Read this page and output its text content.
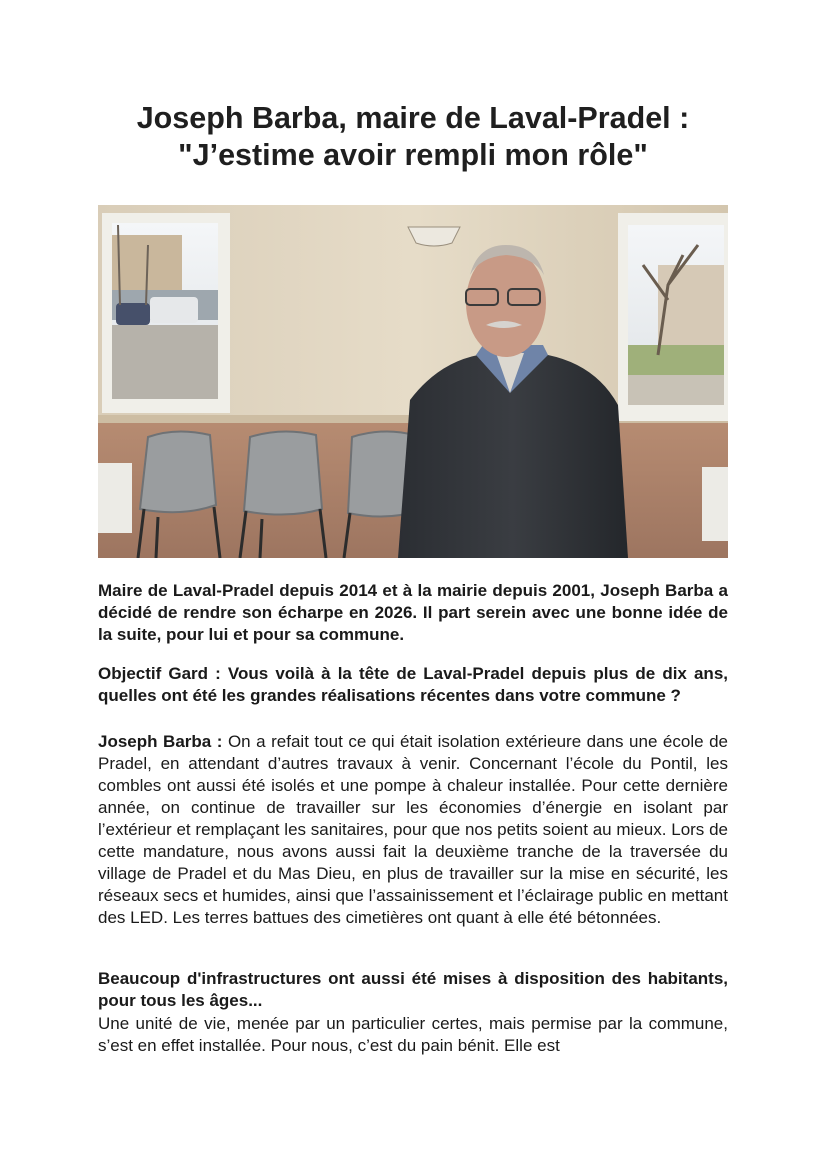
Joseph Barba, maire de Laval-Pradel :
"J’estime avoir rempli mon rôle"

Maire de Laval-Pradel depuis 2014 et à la mairie depuis 2001, Joseph Barba a décidé de rendre son écharpe en 2026. Il part serein avec une bonne idée de la suite, pour lui et pour sa commune.

Objectif Gard : Vous voilà à la tête de Laval-Pradel depuis plus de dix ans, quelles ont été les grandes réalisations récentes dans votre commune ?

Joseph Barba : On a refait tout ce qui était isolation extérieure dans une école de Pradel, en attendant d’autres travaux à venir. Concernant l’école du Pontil, les combles ont aussi été isolés et une pompe à chaleur installée. Pour cette dernière année, on continue de travailler sur les économies d’énergie en isolant par l’extérieur et remplaçant les sanitaires, pour que nos petits soient au mieux. Lors de cette mandature, nous avons aussi fait la deuxième tranche de la traversée du village de Pradel et du Mas Dieu, en plus de travailler sur la mise en sécurité, les réseaux secs et humides, ainsi que l’assainissement et l’éclairage public en mettant des LED. Les terres battues des cimetières ont quant à elle été bétonnées.

Beaucoup d'infrastructures ont aussi été mises à disposition des habitants, pour tous les âges...

Une unité de vie, menée par un particulier certes, mais permise par la commune, s’est en effet installée. Pour nous, c’est du pain bénit. Elle est
